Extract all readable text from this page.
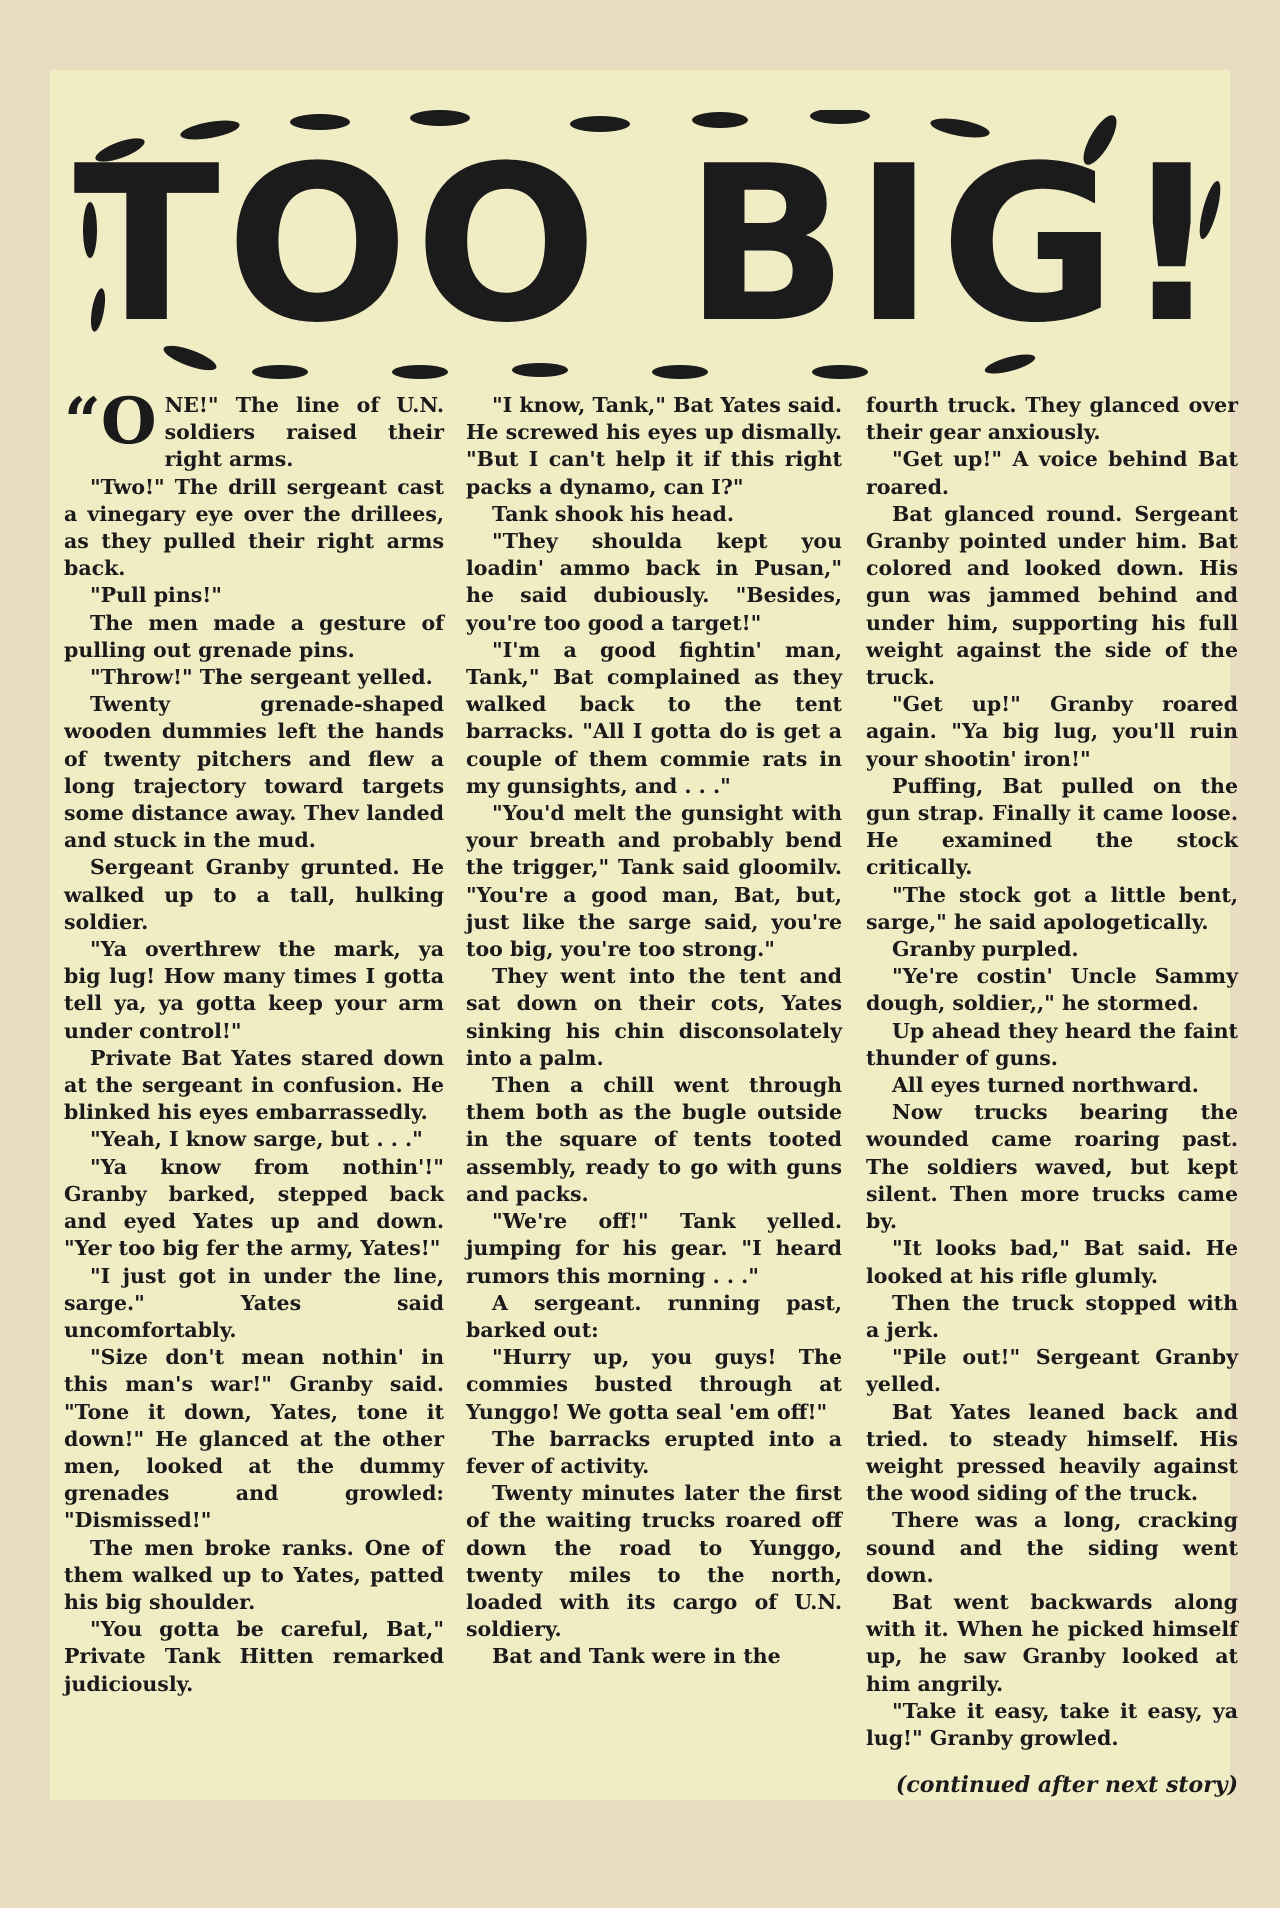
TOO BIG!

“O NE!" The line of U.N. soldiers raised their right arms.

"Two!" The drill sergeant cast a vinegary eye over the drillees, as they pulled their right arms back.

"Pull pins!"

The men made a gesture of pulling out grenade pins.

"Throw!" The sergeant yelled.

Twenty grenade-shaped wooden dummies left the hands of twenty pitchers and flew a long trajectory toward targets some distance away. Thev landed and stuck in the mud.

Sergeant Granby grunted. He walked up to a tall, hulking soldier.

"Ya overthrew the mark, ya big lug! How many times I gotta tell ya, ya gotta keep your arm under control!"

Private Bat Yates stared down at the sergeant in confusion. He blinked his eyes embarrassedly.

"Yeah, I know sarge, but . . ."

"Ya know from nothin'!" Granby barked, stepped back and eyed Yates up and down. "Yer too big fer the army, Yates!"

"I just got in under the line, sarge." Yates said uncomfortably.

"Size don't mean nothin' in this man's war!" Granby said. "Tone it down, Yates, tone it down!" He glanced at the other men, looked at the dummy grenades and growled: "Dismissed!"

The men broke ranks. One of them walked up to Yates, patted his big shoulder.

"You gotta be careful, Bat," Private Tank Hitten remarked judiciously.

"I know, Tank," Bat Yates said. He screwed his eyes up dismally. "But I can't help it if this right packs a dynamo, can I?"

Tank shook his head.

"They shoulda kept you loadin' ammo back in Pusan," he said dubiously. "Besides, you're too good a target!"

"I'm a good fightin' man, Tank," Bat complained as they walked back to the tent barracks. "All I gotta do is get a couple of them commie rats in my gunsights, and . . ."

"You'd melt the gunsight with your breath and probably bend the trigger," Tank said gloomilv. "You're a good man, Bat, but, just like the sarge said, you're too big, you're too strong."

They went into the tent and sat down on their cots, Yates sinking his chin disconsolately into a palm.

Then a chill went through them both as the bugle outside in the square of tents tooted assembly, ready to go with guns and packs.

"We're off!" Tank yelled. jumping for his gear. "I heard rumors this morning . . ."

A sergeant. running past, barked out:

"Hurry up, you guys! The commies busted through at Yunggo! We gotta seal 'em off!"

The barracks erupted into a fever of activity.

Twenty minutes later the first of the waiting trucks roared off down the road to Yunggo, twenty miles to the north, loaded with its cargo of U.N. soldiery.

Bat and Tank were in the

fourth truck. They glanced over their gear anxiously.

"Get up!" A voice behind Bat roared.

Bat glanced round. Sergeant Granby pointed under him. Bat colored and looked down. His gun was jammed behind and under him, supporting his full weight against the side of the truck.

"Get up!" Granby roared again. "Ya big lug, you'll ruin your shootin' iron!"

Puffing, Bat pulled on the gun strap. Finally it came loose. He examined the stock critically.

"The stock got a little bent, sarge," he said apologetically.

Granby purpled.

"Ye're costin' Uncle Sammy dough, soldier,," he stormed.

Up ahead they heard the faint thunder of guns.

All eyes turned northward.

Now trucks bearing the wounded came roaring past. The soldiers waved, but kept silent. Then more trucks came by.

"It looks bad," Bat said. He looked at his rifle glumly.

Then the truck stopped with a jerk.

"Pile out!" Sergeant Granby yelled.

Bat Yates leaned back and tried. to steady himself. His weight pressed heavily against the wood siding of the truck.

There was a long, cracking sound and the siding went down.

Bat went backwards along with it. When he picked himself up, he saw Granby looked at him angrily.

"Take it easy, take it easy, ya lug!" Granby growled.

(continued after next story)
